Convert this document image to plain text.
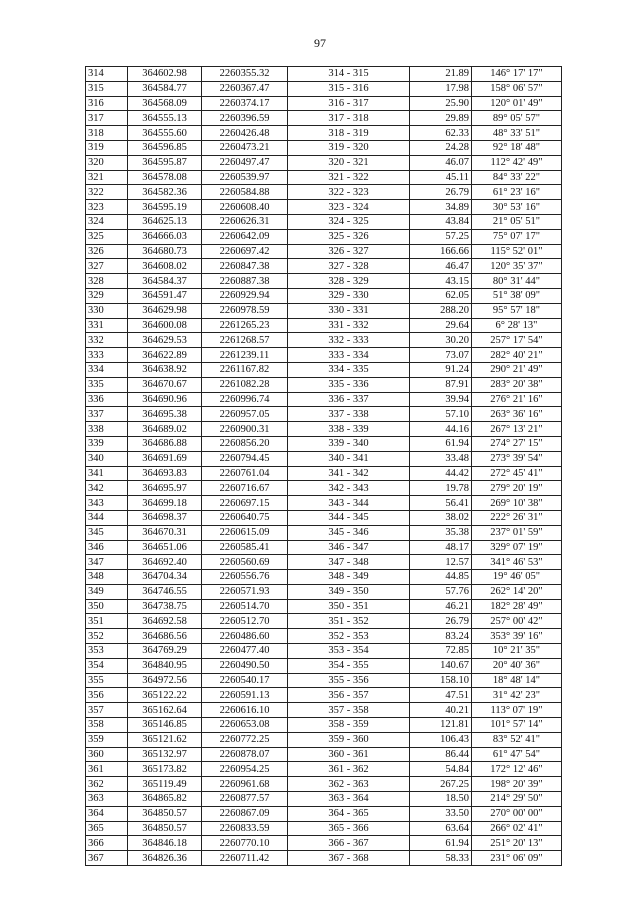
97
314	364602.98	2260355.32	314 - 315	21.89	146° 17' 17"
315	364584.77	2260367.47	315 - 316	17.98	158° 06' 57"
316	364568.09	2260374.17	316 - 317	25.90	120° 01' 49"
317	364555.13	2260396.59	317 - 318	29.89	89° 05' 57"
318	364555.60	2260426.48	318 - 319	62.33	48° 33' 51"
319	364596.85	2260473.21	319 - 320	24.28	92° 18' 48"
320	364595.87	2260497.47	320 - 321	46.07	112° 42' 49"
321	364578.08	2260539.97	321 - 322	45.11	84° 33' 22"
322	364582.36	2260584.88	322 - 323	26.79	61° 23' 16"
323	364595.19	2260608.40	323 - 324	34.89	30° 53' 16"
324	364625.13	2260626.31	324 - 325	43.84	21° 05' 51"
325	364666.03	2260642.09	325 - 326	57.25	75° 07' 17"
326	364680.73	2260697.42	326 - 327	166.66	115° 52' 01"
327	364608.02	2260847.38	327 - 328	46.47	120° 35' 37"
328	364584.37	2260887.38	328 - 329	43.15	80° 31' 44"
329	364591.47	2260929.94	329 - 330	62.05	51° 38' 09"
330	364629.98	2260978.59	330 - 331	288.20	95° 57' 18"
331	364600.08	2261265.23	331 - 332	29.64	6° 28' 13"
332	364629.53	2261268.57	332 - 333	30.20	257° 17' 54"
333	364622.89	2261239.11	333 - 334	73.07	282° 40' 21"
334	364638.92	2261167.82	334 - 335	91.24	290° 21' 49"
335	364670.67	2261082.28	335 - 336	87.91	283° 20' 38"
336	364690.96	2260996.74	336 - 337	39.94	276° 21' 16"
337	364695.38	2260957.05	337 - 338	57.10	263° 36' 16"
338	364689.02	2260900.31	338 - 339	44.16	267° 13' 21"
339	364686.88	2260856.20	339 - 340	61.94	274° 27' 15"
340	364691.69	2260794.45	340 - 341	33.48	273° 39' 54"
341	364693.83	2260761.04	341 - 342	44.42	272° 45' 41"
342	364695.97	2260716.67	342 - 343	19.78	279° 20' 19"
343	364699.18	2260697.15	343 - 344	56.41	269° 10' 38"
344	364698.37	2260640.75	344 - 345	38.02	222° 26' 31"
345	364670.31	2260615.09	345 - 346	35.38	237° 01' 59"
346	364651.06	2260585.41	346 - 347	48.17	329° 07' 19"
347	364692.40	2260560.69	347 - 348	12.57	341° 46' 53"
348	364704.34	2260556.76	348 - 349	44.85	19° 46' 05"
349	364746.55	2260571.93	349 - 350	57.76	262° 14' 20"
350	364738.75	2260514.70	350 - 351	46.21	182° 28' 49"
351	364692.58	2260512.70	351 - 352	26.79	257° 00' 42"
352	364686.56	2260486.60	352 - 353	83.24	353° 39' 16"
353	364769.29	2260477.40	353 - 354	72.85	10° 21' 35"
354	364840.95	2260490.50	354 - 355	140.67	20° 40' 36"
355	364972.56	2260540.17	355 - 356	158.10	18° 48' 14"
356	365122.22	2260591.13	356 - 357	47.51	31° 42' 23"
357	365162.64	2260616.10	357 - 358	40.21	113° 07' 19"
358	365146.85	2260653.08	358 - 359	121.81	101° 57' 14"
359	365121.62	2260772.25	359 - 360	106.43	83° 52' 41"
360	365132.97	2260878.07	360 - 361	86.44	61° 47' 54"
361	365173.82	2260954.25	361 - 362	54.84	172° 12' 46"
362	365119.49	2260961.68	362 - 363	267.25	198° 20' 39"
363	364865.82	2260877.57	363 - 364	18.50	214° 29' 50"
364	364850.57	2260867.09	364 - 365	33.50	270° 00' 00"
365	364850.57	2260833.59	365 - 366	63.64	266° 02' 41"
366	364846.18	2260770.10	366 - 367	61.94	251° 20' 13"
367	364826.36	2260711.42	367 - 368	58.33	231° 06' 09"
